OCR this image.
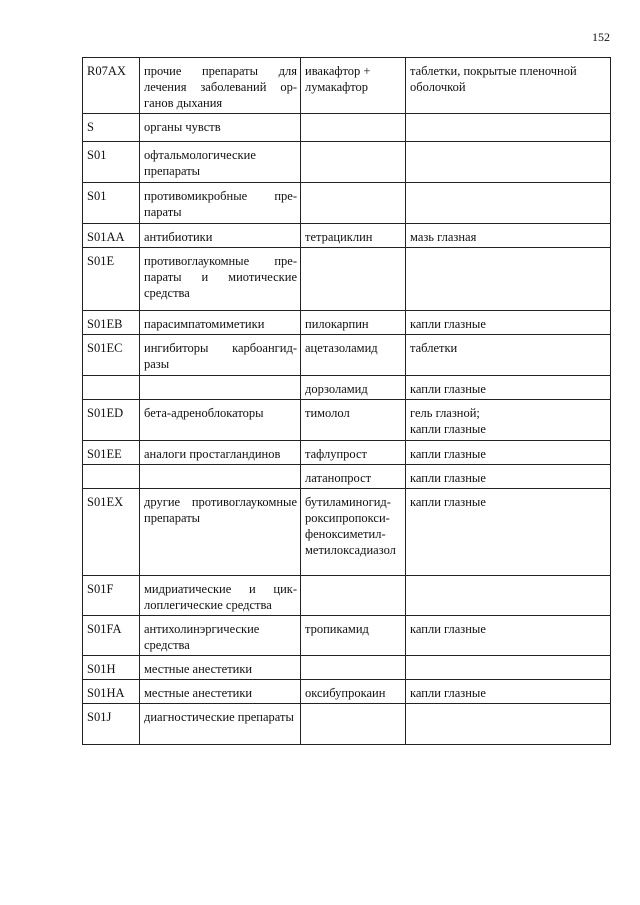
152
R07AX	прочие препараты для лечения заболеваний органов дыхания	ивакафтор + лумакафтор	таблетки, покрытые пленочной оболочкой
S	органы чувств		
S01	офтальмологические препараты		
S01	противомикробные препараты		
S01AA	антибиотики	тетрациклин	мазь глазная
S01E	противоглаукомные препараты и миотические средства		
S01EB	парасимпатомиметики	пилокарпин	капли глазные
S01EC	ингибиторы карбоангидразы	ацетазоламид	таблетки
		дорзоламид	капли глазные
S01ED	бета-адреноблокаторы	тимолол	гель глазной;
капли глазные
S01EE	аналоги простагландинов	тафлупрост	капли глазные
		латанопрост	капли глазные
S01EX	другие противоглаукомные препараты	бутиламиногидроксипропоксифеноксиметилметилоксадиазол	капли глазные
S01F	мидриатические и циклоплегические средства		
S01FA	антихолинэргические средства	тропикамид	капли глазные
S01H	местные анестетики		
S01HA	местные анестетики	оксибупрокаин	капли глазные
S01J	диагностические препараты		
